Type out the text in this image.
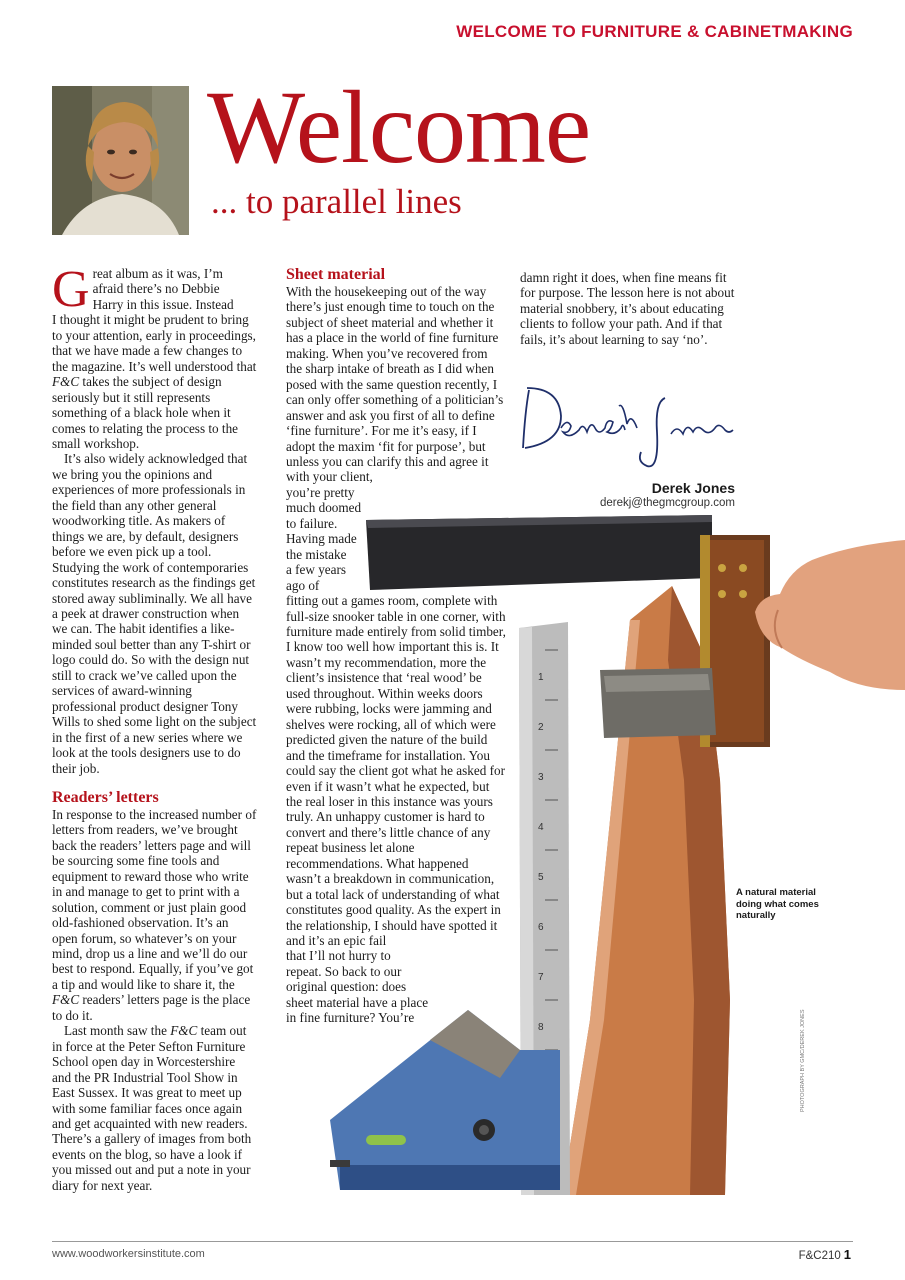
WELCOME TO FURNITURE & CABINETMAKING
Welcome
... to parallel lines

G reat album as it was, I’m
afraid there’s no Debbie
Harry in this issue. Instead
I thought it might be prudent to bring to your attention, early in proceedings, that we have made a few changes to the magazine. It’s well understood that F&C takes the subject of design seriously but it still represents something of a black hole when it comes to relating the process to the small workshop.

It’s also widely acknowledged that we bring you the opinions and experiences of more professionals in the field than any other general woodworking title. As makers of things we are, by default, designers before we even pick up a tool. Studying the work of contemporaries constitutes research as the findings get stored away subliminally. We all have a peek at drawer construction when we can. The habit identifies a like-minded soul better than any T-shirt or logo could do. So with the design nut still to crack we’ve called upon the services of award-winning professional product designer Tony Wills to shed some light on the subject in the first of a new series where we look at the tools designers use to do their job.

Readers’ letters

In response to the increased number of letters from readers, we’ve brought back the readers’ letters page and will be sourcing some fine tools and equipment to reward those who write in and manage to get to print with a solution, comment or just plain good old-fashioned observation. It’s an open forum, so whatever’s on your mind, drop us a line and we’ll do our best to respond. Equally, if you’ve got a tip and would like to share it, the F&C readers’ letters page is the place to do it.

Last month saw the F&C team out in force at the Peter Sefton Furniture School open day in Worcestershire and the PR Industrial Tool Show in East Sussex. It was great to meet up with some familiar faces once again and get acquainted with new readers. There’s a gallery of images from both events on the blog, so have a look if you missed out and put a note in your diary for next year.

Sheet material

With the housekeeping out of the way there’s just enough time to touch on the subject of sheet material and whether it has a place in the world of fine furniture making. When you’ve recovered from the sharp intake of breath as I did when posed with the same question recently, I can only offer something of a politician’s answer and ask you first of all to define ‘fine furniture’. For me it’s easy, if I adopt the maxim ‘fit for purpose’, but unless you can clarify this and agree it with your client,

you’re pretty
much doomed
to failure.
Having made
the mistake
a few years
ago of

fitting out a games room, complete with full-size snooker table in one corner, with furniture made entirely from solid timber, I know too well how important this is. It wasn’t my recommendation, more the client’s insistence that ‘real wood’ be used throughout. Within weeks doors were rubbing, locks were jamming and shelves were rocking, all of which were predicted given the nature of the build and the timeframe for installation. You could say the client got what he asked for even if it wasn’t what he expected, but the real loser in this instance was yours truly. An unhappy customer is hard to convert and there’s little chance of any repeat business let alone recommendations. What happened wasn’t a breakdown in communication, but a total lack of understanding of what constitutes good quality. As the expert in the relationship, I should have spotted it and it’s an epic fail

that I’ll not hurry to
repeat. So back to our
original question: does
sheet material have a place
in fine furniture? You’re

damn right it does, when fine means fit for purpose. The lesson here is not about material snobbery, it’s about educating clients to follow your path. And if that fails, it’s about learning to say ‘no’.

Derek Jones
derekj@thegmcgroup.com
1
2
3
4
5
6
7
8
A natural material doing what comes naturally
PHOTOGRAPH BY GMC/DEREK JONES
www.woodworkersinstitute.com	F&C210 1
